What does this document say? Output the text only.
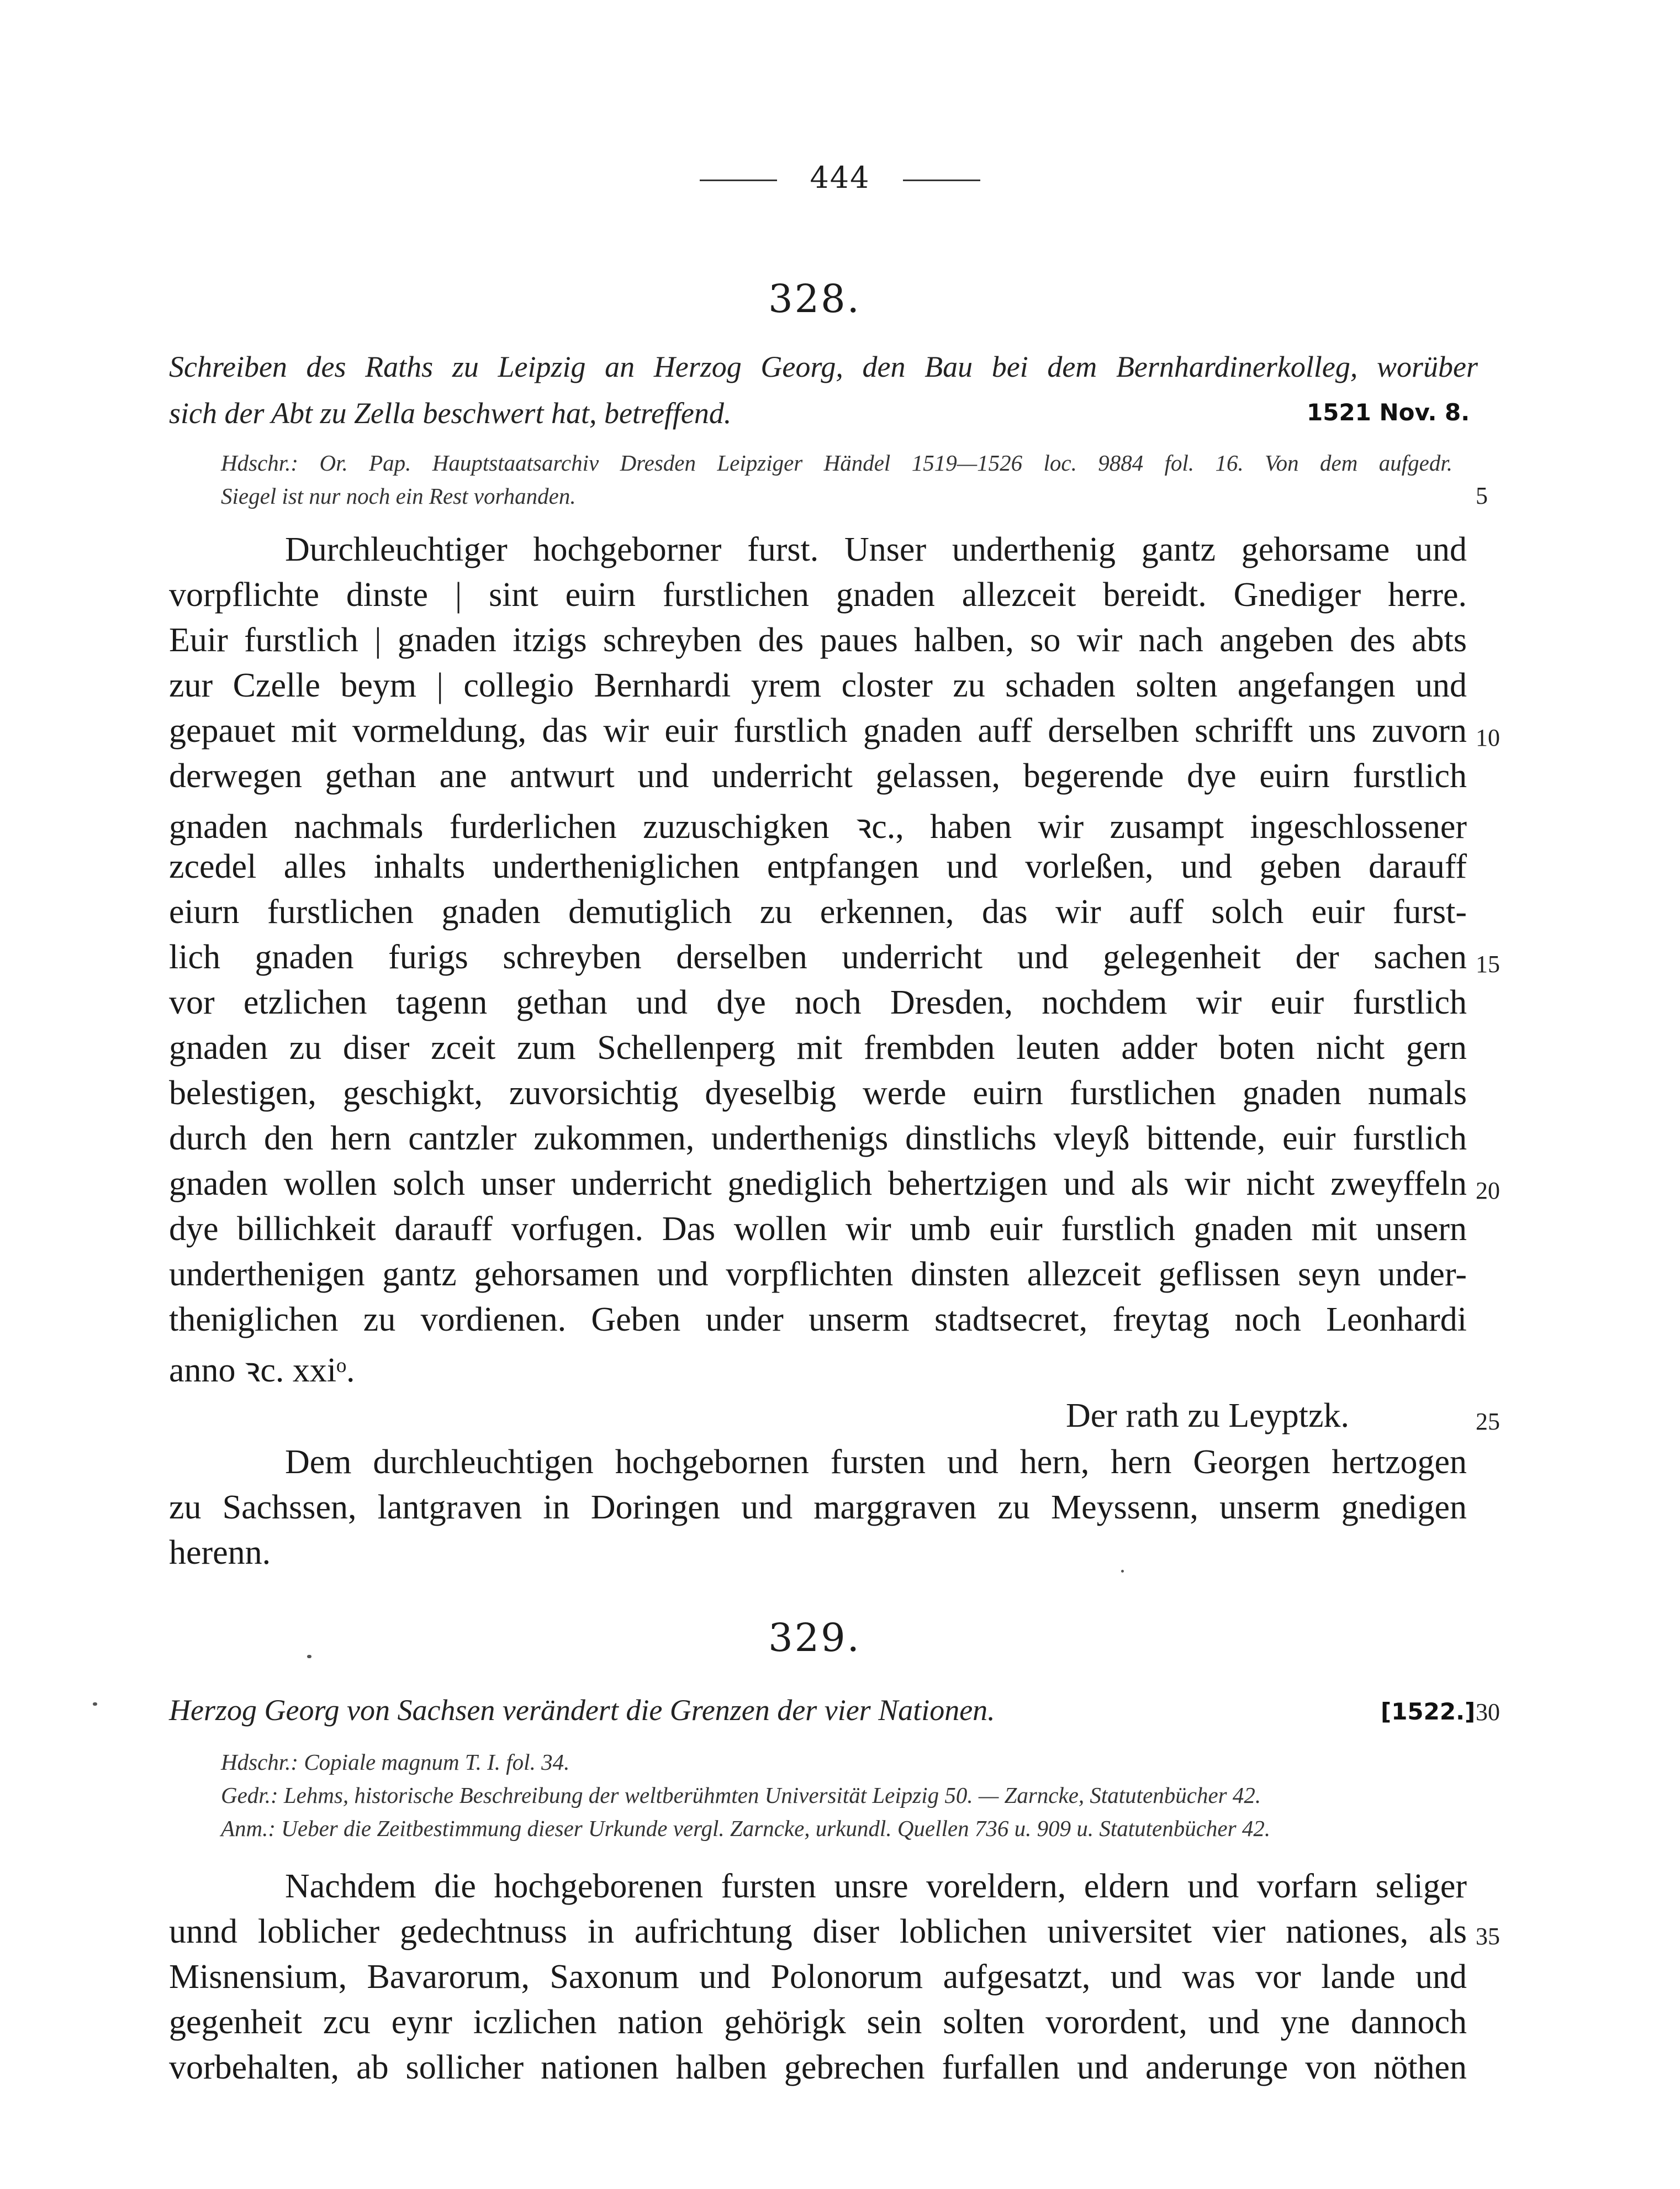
444
328.
Schreiben des Raths zu Leipzig an Herzog Georg, den Bau bei dem Bernhardinerkolleg, worüber
sich der Abt zu Zella beschwert hat, betreffend.	1521 Nov. 8.
Hdschr.: Or. Pap. Hauptstaatsarchiv Dresden Leipziger Händel 1519—1526 loc. 9884 fol. 16. Von dem aufgedr.
Siegel ist nur noch ein Rest vorhanden.	5
Durchleuchtiger hochgeborner furst. Unser underthenig gantz gehorsame und
vorpflichte dinste | sint euirn furstlichen gnaden allezceit bereidt. Gnediger herre.
Euir furstlich | gnaden itzigs schreyben des paues halben, so wir nach angeben des abts
zur Czelle beym | collegio Bernhardi yrem closter zu schaden solten angefangen und
gepauet mit vormeldung, das wir euir furstlich gnaden auff derselben schrifft uns zuvorn
derwegen gethan ane antwurt und underricht gelassen, begerende dye euirn furstlich
gnaden nachmals furderlichen zuzuschigken ꝛc., haben wir zusampt ingeschlossener
zcedel alles inhalts undertheniglichen entpfangen und vorleßen, und geben darauff
eiurn furstlichen gnaden demutiglich zu erkennen, das wir auff solch euir furst-
lich gnaden furigs schreyben derselben underricht und gelegenheit der sachen
vor etzlichen tagenn gethan und dye noch Dresden, nochdem wir euir furstlich
gnaden zu diser zceit zum Schellenperg mit frembden leuten adder boten nicht gern
belestigen, geschigkt, zuvorsichtig dyeselbig werde euirn furstlichen gnaden numals
durch den hern cantzler zukommen, underthenigs dinstlichs vleyß bittende, euir furstlich
gnaden wollen solch unser underricht gnediglich behertzigen und als wir nicht zweyffeln
dye billichkeit darauff vorfugen. Das wollen wir umb euir furstlich gnaden mit unsern
underthenigen gantz gehorsamen und vorpflichten dinsten allezceit geflissen seyn under-
theniglichen zu vordienen. Geben under unserm stadtsecret, freytag noch Leonhardi
anno ꝛc. xxiᵒ.
10
15
20
Der rath zu Leyptzk.	25
Dem durchleuchtigen hochgebornen fursten und hern, hern Georgen hertzogen
zu Sachssen, lantgraven in Doringen und marggraven zu Meyssenn, unserm gnedigen
herenn.
329.
Herzog Georg von Sachsen verändert die Grenzen der vier Nationen.	[1522.] 30
Hdschr.: Copiale magnum T. I. fol. 34.
Gedr.: Lehms, historische Beschreibung der weltberühmten Universität Leipzig 50. — Zarncke, Statutenbücher 42.
Anm.: Ueber die Zeitbestimmung dieser Urkunde vergl. Zarncke, urkundl. Quellen 736 u. 909 u. Statutenbücher 42.
Nachdem die hochgeborenen fursten unsre voreldern, eldern und vorfarn seliger
unnd loblicher gedechtnuss in aufrichtung diser loblichen universitet vier nationes, als
Misnensium, Bavarorum, Saxonum und Polonorum aufgesatzt, und was vor lande und
gegenheit zcu eynr iczlichen nation gehörigk sein solten vorordent, und yne dannoch
vorbehalten, ab sollicher nationen halben gebrechen furfallen und anderunge von nöthen
35
